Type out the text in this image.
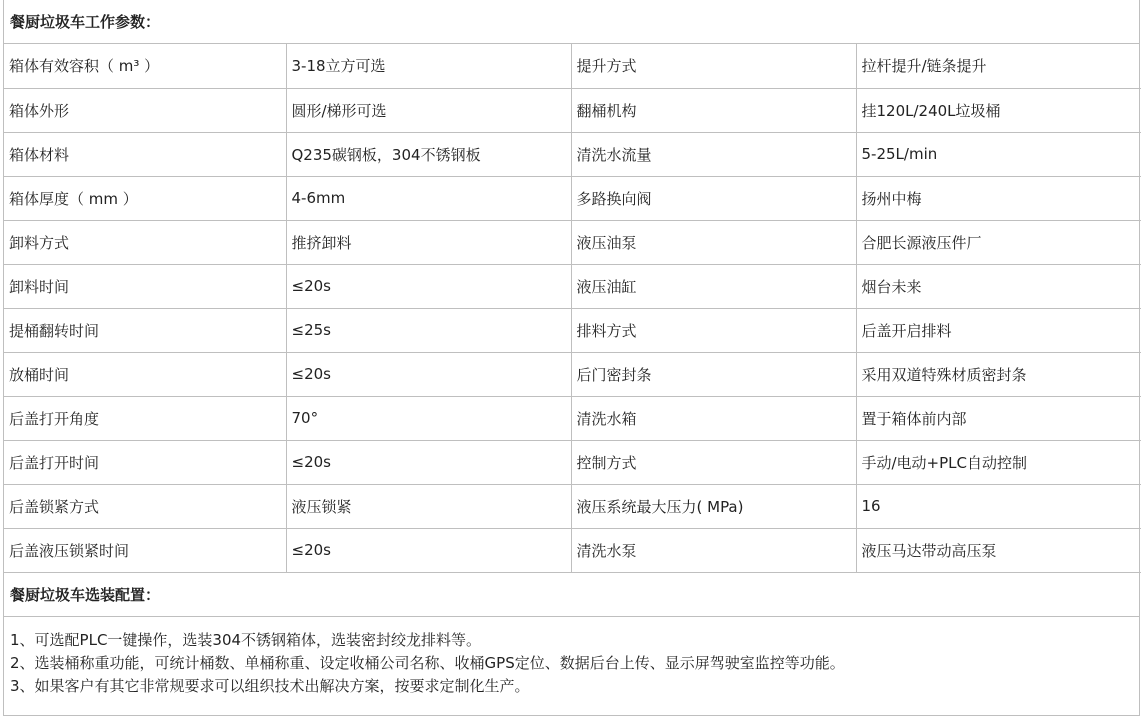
餐厨垃圾车工作参数：
箱体有效容积（ m³ ）	3-18立方可选	提升方式	拉杆提升/链条提升
箱体外形	圆形/梯形可选	翻桶机构	挂120L/240L垃圾桶
箱体材料	Q235碳钢板，304不锈钢板	清洗水流量	5-25L/min
箱体厚度（ mm ）	4-6mm	多路换向阀	扬州中梅
卸料方式	推挤卸料	液压油泵	合肥长源液压件厂
卸料时间	≤20s	液压油缸	烟台未来
提桶翻转时间	≤25s	排料方式	后盖开启排料
放桶时间	≤20s	后门密封条	采用双道特殊材质密封条
后盖打开角度	70°	清洗水箱	置于箱体前内部
后盖打开时间	≤20s	控制方式	手动/电动+PLC自动控制
后盖锁紧方式	液压锁紧	液压系统最大压力( MPa)	16
后盖液压锁紧时间	≤20s	清洗水泵	液压马达带动高压泵
餐厨垃圾车选装配置：
1、可选配PLC一键操作，选装304不锈钢箱体，选装密封绞龙排料等。
2、选装桶称重功能，可统计桶数、单桶称重、设定收桶公司名称、收桶GPS定位、数据后台上传、显示屏驾驶室监控等功能。
3、如果客户有其它非常规要求可以组织技术出解决方案，按要求定制化生产。
